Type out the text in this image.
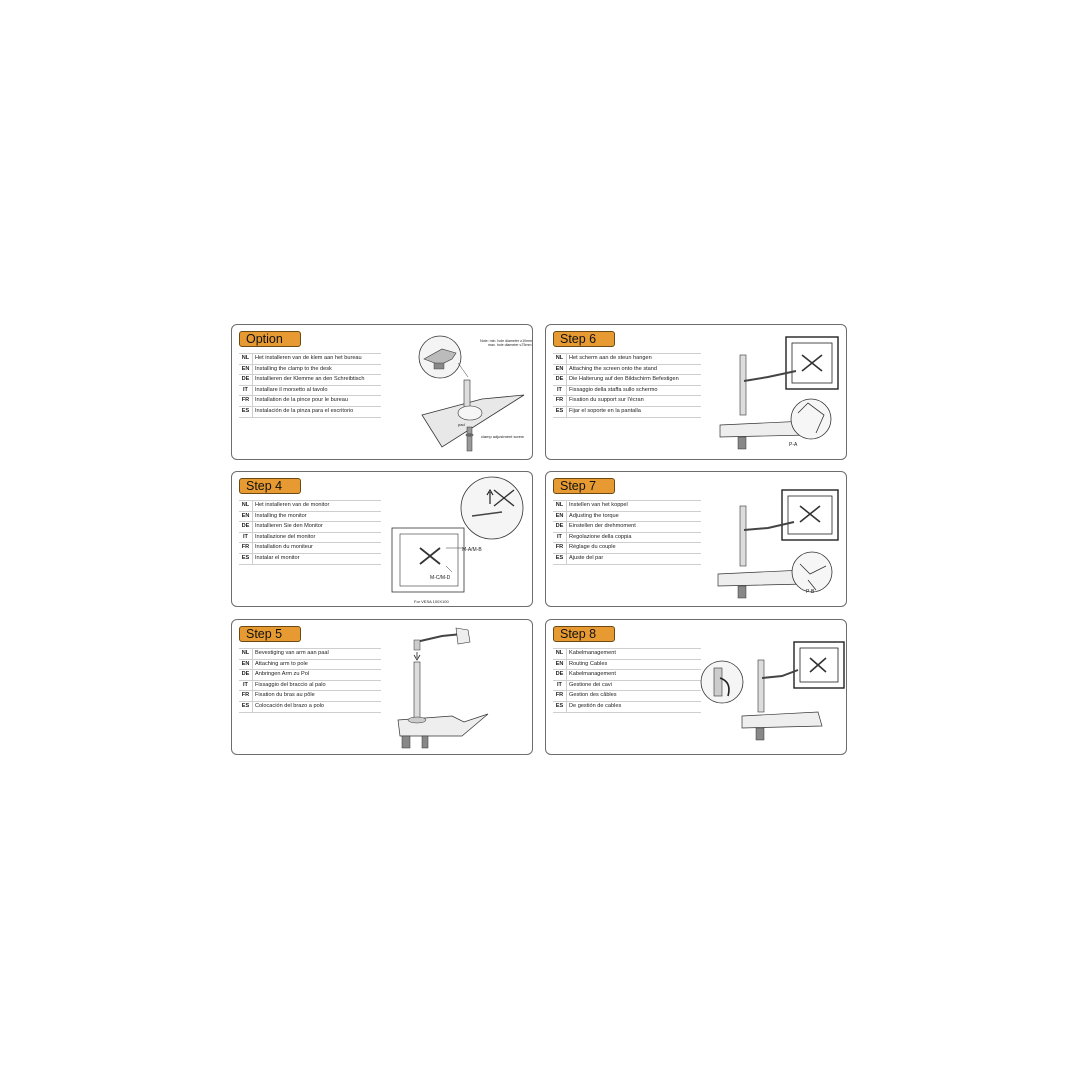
Option
NL	Het installeren van de klem aan het bureau
EN	Installing the clamp to the desk
DE	Installieren der Klemme an den Schreibtisch
IT	Installare il morsetto al tavolo
FR	Installation de la pince pour le bureau
ES	Instalación de la pinza para el escritorio
Note: min. hole diameter ≥10mm
max. hole diameter ≤75mm
pad
clamp adjustment screw
Step 6
NL	Het scherm aan de steun hangen
EN	Attaching the screen onto the stand
DE	Die Halterung auf den Bildschirm Befestigen
IT	Fissaggio della staffa sullo schermo
FR	Fixation du support sur l'écran
ES	Fijar el soporte en la pantalla
P-A
Step 4
NL	Het installeren van de monitor
EN	Installing the monitor
DE	Installieren Sie den Monitor
IT	Installazione del monitor
FR	Installation du moniteur
ES	Instalar el monitor
M-A/M-B
M-C/M-D
For VESA 100X100
Step 7
NL	Instellen van het koppel
EN	Adjusting the torque
DE	Einstellen der drehmoment
IT	Regolazione della coppia
FR	Réglage du couple
ES	Ajuste del par
P-B
Step 5
NL	Bevestiging van arm aan paal
EN	Attaching arm to pole
DE	Anbringen Arm zu Pol
IT	Fissaggio del braccio al palo
FR	Fixation du bras au pôle
ES	Colocación del brazo a polo
Step 8
NL	Kabelmanagement
EN	Routing Cables
DE	Kabelmanagement
IT	Gestione dei cavi
FR	Gestion des câbles
ES	De gestión de cables
